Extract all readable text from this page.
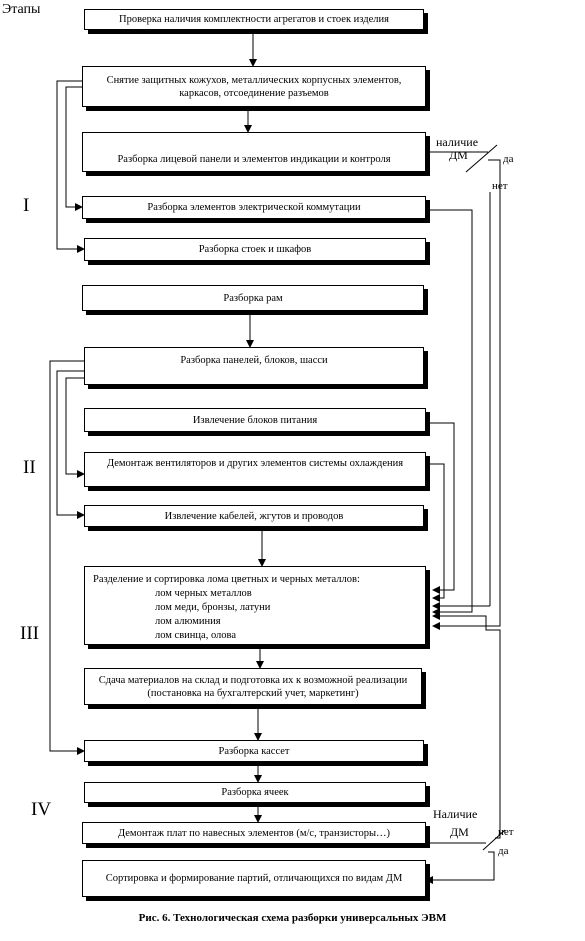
Этапы
I
II
III
IV
Проверка наличия комплектности агрегатов и стоек изделия
Снятие защитных кожухов, металлических корпусных элементов, каркасов, отсоединение разъемов
Разборка лицевой панели и элементов индикации и контроля
Разборка элементов электрической коммутации
Разборка стоек и шкафов
Разборка рам
Разборка панелей, блоков, шасси
Извлечение блоков питания
Демонтаж вентиляторов и других элементов системы охлаждения
Извлечение кабелей, жгутов и проводов
Разделение и сортировка лома цветных и черных металлов:
лом черных металлов
лом меди, бронзы, латуни
лом алюминия
лом свинца, олова
Сдача материалов на склад и подготовка их к возможной реализации (постановка на бухгалтерский учет, маркетинг)
Разборка кассет
Разборка ячеек
Демонтаж плат по навесных элементов (м/с, транзисторы…)
Сортировка и формирование партий, отличающихся по видам ДМ
наличие
ДМ	да
нет
Наличие
ДМ	нет
да
Рис. 6. Технологическая схема разборки универсальных ЭВМ
